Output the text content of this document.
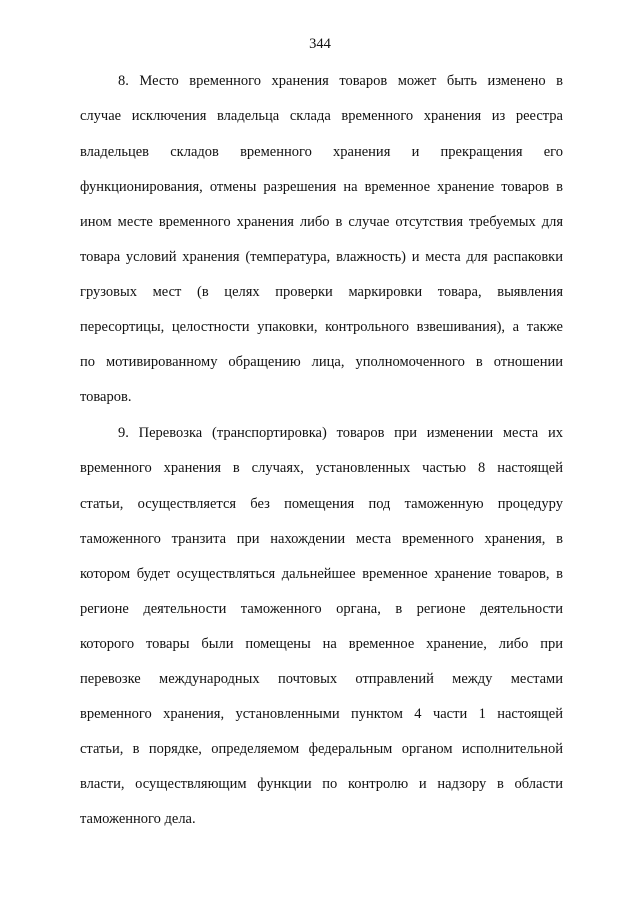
344
8. Место временного хранения товаров может быть изменено в
случае исключения владельца склада временного хранения из реестра
владельцев складов временного хранения и прекращения его
функционирования, отмены разрешения на временное хранение товаров в
ином месте временного хранения либо в случае отсутствия требуемых для
товара условий хранения (температура, влажность) и места для распаковки
грузовых мест (в целях проверки маркировки товара, выявления
пересортицы, целостности упаковки, контрольного взвешивания), а также
по мотивированному обращению лица, уполномоченного в отношении
товаров.
9. Перевозка (транспортировка) товаров при изменении места их
временного хранения в случаях, установленных частью 8 настоящей
статьи, осуществляется без помещения под таможенную процедуру
таможенного транзита при нахождении места временного хранения, в
котором будет осуществляться дальнейшее временное хранение товаров, в
регионе деятельности таможенного органа, в регионе деятельности
которого товары были помещены на временное хранение, либо при
перевозке международных почтовых отправлений между местами
временного хранения, установленными пунктом 4 части 1 настоящей
статьи, в порядке, определяемом федеральным органом исполнительной
власти, осуществляющим функции по контролю и надзору в области
таможенного дела.
